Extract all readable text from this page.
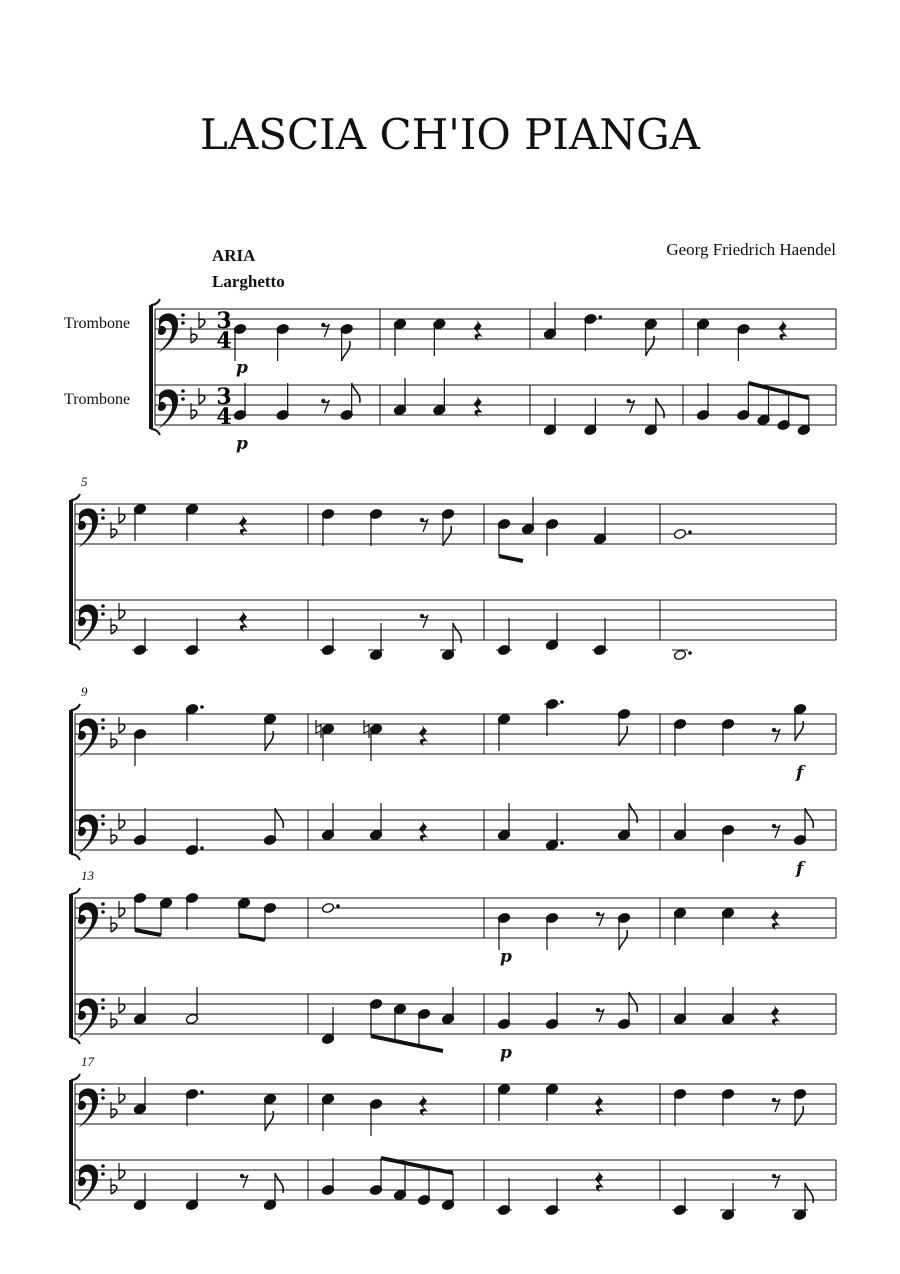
LASCIA CH'IO PIANGA
Georg Friedrich Haendel
ARIA
Larghetto
Trombone
Trombone
3
4
3
4
p
p
5
9
f
f
13
p
p
17
